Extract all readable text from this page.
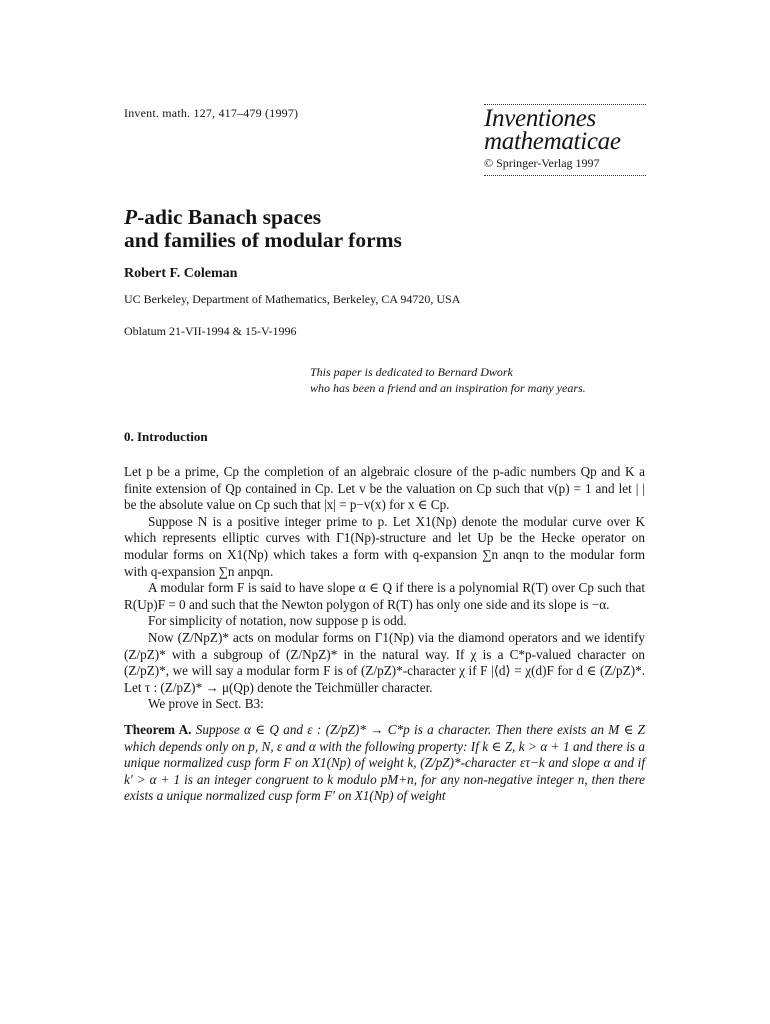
Invent. math. 127, 417–479 (1997)	Inventiones
mathematicae
© Springer-Verlag 1997
P-adic Banach spaces
and families of modular forms
Robert F. Coleman
UC Berkeley, Department of Mathematics, Berkeley, CA 94720, USA
Oblatum 21-VII-1994 & 15-V-1996
This paper is dedicated to Bernard Dwork
who has been a friend and an inspiration for many years.
0. Introduction

Let p be a prime, Cp the completion of an algebraic closure of the p-adic numbers Qp and K a finite extension of Qp contained in Cp. Let v be the valuation on Cp such that v(p) = 1 and let | | be the absolute value on Cp such that |x| = p−v(x) for x ∈ Cp.

Suppose N is a positive integer prime to p. Let X1(Np) denote the modular curve over K which represents elliptic curves with Γ1(Np)-structure and let Up be the Hecke operator on modular forms on X1(Np) which takes a form with q-expansion ∑n anqn to the modular form with q-expansion ∑n anpqn.

A modular form F is said to have slope α ∈ Q if there is a polynomial R(T) over Cp such that R(Up)F = 0 and such that the Newton polygon of R(T) has only one side and its slope is −α.

For simplicity of notation, now suppose p is odd.

Now (Z/NpZ)* acts on modular forms on Γ1(Np) via the diamond operators and we identify (Z/pZ)* with a subgroup of (Z/NpZ)* in the natural way. If χ is a C*p-valued character on (Z/pZ)*, we will say a modular form F is of (Z/pZ)*-character χ if F |⟨d⟩ = χ(d)F for d ∈ (Z/pZ)*. Let τ : (Z/pZ)* → μ(Qp) denote the Teichmüller character.

We prove in Sect. B3:

Theorem A. Suppose α ∈ Q and ε : (Z/pZ)* → C*p is a character. Then there exists an M ∈ Z which depends only on p, N, ε and α with the following property: If k ∈ Z, k > α + 1 and there is a unique normalized cusp form F on X1(Np) of weight k, (Z/pZ)*-character ετ−k and slope α and if k′ > α + 1 is an integer congruent to k modulo pM+n, for any non-negative integer n, then there exists a unique normalized cusp form F′ on X1(Np) of weight
